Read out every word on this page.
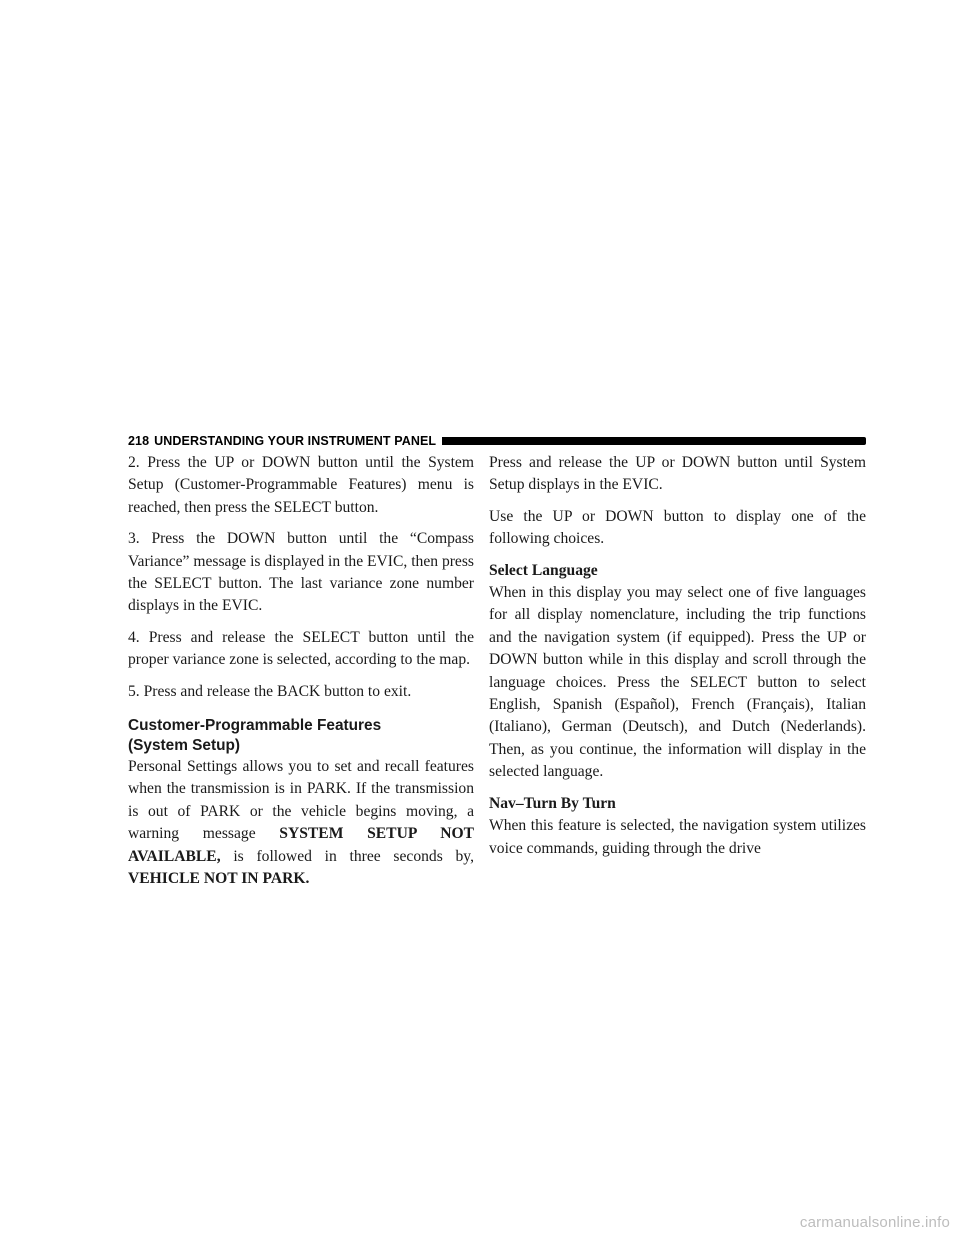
218 UNDERSTANDING YOUR INSTRUMENT PANEL

2. Press the UP or DOWN button until the System Setup (Customer-Programmable Features) menu is reached, then press the SELECT button.

3. Press the DOWN button until the “Compass Variance” message is displayed in the EVIC, then press the SELECT button. The last variance zone number displays in the EVIC.

4. Press and release the SELECT button until the proper variance zone is selected, according to the map.

5. Press and release the BACK button to exit.

Customer-Programmable Features
(System Setup)

Personal Settings allows you to set and recall features when the transmission is in PARK. If the transmission is out of PARK or the vehicle begins moving, a warning message SYSTEM SETUP NOT AVAILABLE, is followed in three seconds by, VEHICLE NOT IN PARK.

Press and release the UP or DOWN button until System Setup displays in the EVIC.

Use the UP or DOWN button to display one of the following choices.

Select Language

When in this display you may select one of five languages for all display nomenclature, including the trip functions and the navigation system (if equipped). Press the UP or DOWN button while in this display and scroll through the language choices. Press the SELECT button to select English, Spanish (Español), French (Français), Italian (Italiano), German (Deutsch), and Dutch (Nederlands). Then, as you continue, the information will display in the selected language.

Nav–Turn By Turn

When this feature is selected, the navigation system utilizes voice commands, guiding through the drive

carmanualsonline.info
